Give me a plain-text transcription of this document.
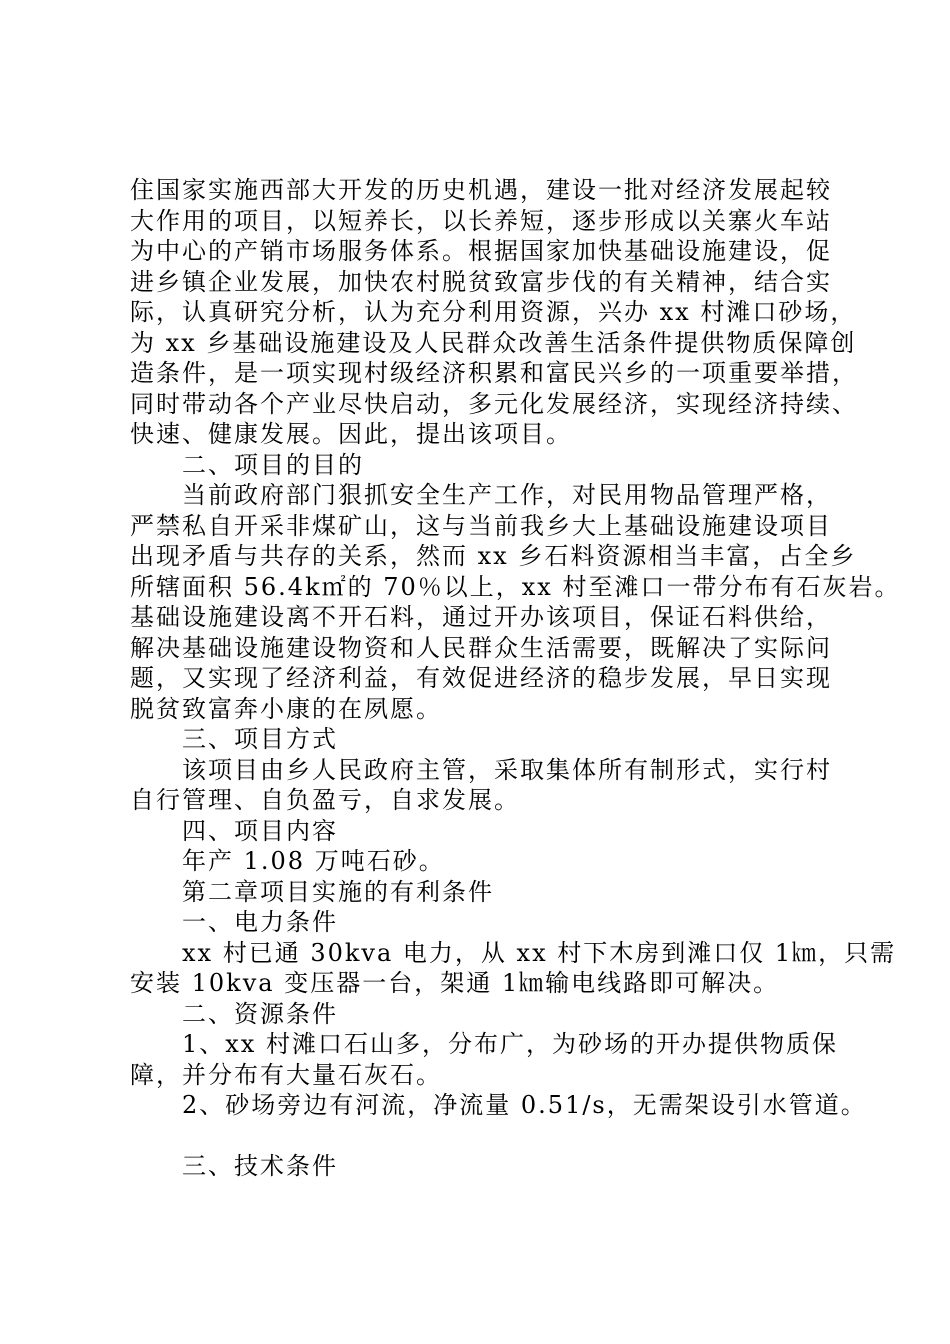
住国家实施西部大开发的历史机遇，建设一批对经济发展起较
大作用的项目，以短养长，以长养短，逐步形成以关寨火车站
为中心的产销市场服务体系。根据国家加快基础设施建设，促
进乡镇企业发展，加快农村脱贫致富步伐的有关精神，结合实
际，认真研究分析，认为充分利用资源，兴办 xx 村滩口砂场，
为 xx 乡基础设施建设及人民群众改善生活条件提供物质保障创
造条件，是一项实现村级经济积累和富民兴乡的一项重要举措，
同时带动各个产业尽快启动，多元化发展经济，实现经济持续、
快速、健康发展。因此，提出该项目。
二、项目的目的
当前政府部门狠抓安全生产工作，对民用物品管理严格，
严禁私自开采非煤矿山，这与当前我乡大上基础设施建设项目
出现矛盾与共存的关系，然而 xx 乡石料资源相当丰富，占全乡
所辖面积 56.4k㎡的 70％以上，xx 村至滩口一带分布有石灰岩。
基础设施建设离不开石料，通过开办该项目，保证石料供给，
解决基础设施建设物资和人民群众生活需要，既解决了实际问
题，又实现了经济利益，有效促进经济的稳步发展，早日实现
脱贫致富奔小康的在夙愿。
三、项目方式
该项目由乡人民政府主管，采取集体所有制形式，实行村
自行管理、自负盈亏，自求发展。
四、项目内容
年产 1.08 万吨石砂。
第二章项目实施的有利条件
一、电力条件
xx 村已通 30kva 电力，从 xx 村下木房到滩口仅 1㎞，只需
安装 10kva 变压器一台，架通 1㎞输电线路即可解决。
二、资源条件
1、xx 村滩口石山多，分布广，为砂场的开办提供物质保
障，并分布有大量石灰石。
2、砂场旁边有河流，净流量 0.51/s，无需架设引水管道。
三、技术条件
